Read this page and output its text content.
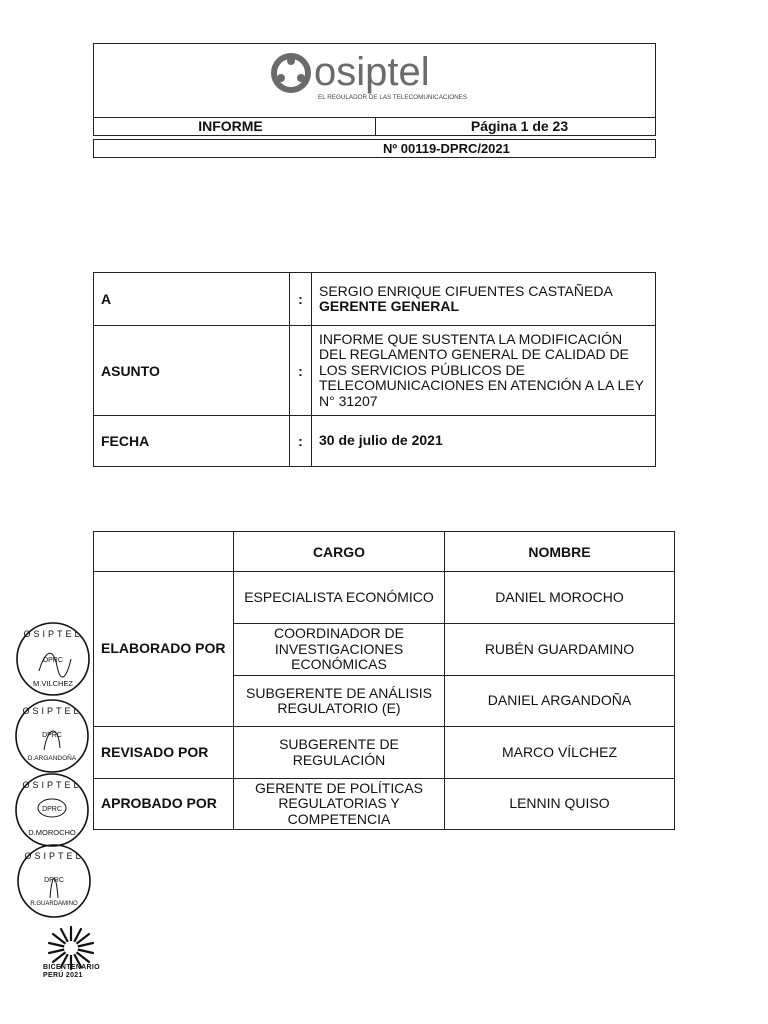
osiptel
EL REGULADOR DE LAS TELECOMUNICACIONES
INFORME	Página 1 de 23
Nº 00119-DPRC/2021
A	:	SERGIO ENRIQUE CIFUENTES CASTAÑEDA
GERENTE GENERAL

ASUNTO	:	INFORME QUE SUSTENTA LA MODIFICACIÓN
DEL REGLAMENTO GENERAL DE CALIDAD DE
LOS SERVICIOS PÚBLICOS DE
TELECOMUNICACIONES EN ATENCIÓN A LA LEY
N° 31207

FECHA	:	30 de julio de 2021
	CARGO	NOMBRE
ELABORADO POR	ESPECIALISTA ECONÓMICO	DANIEL MOROCHO

	COORDINADOR DE
INVESTIGACIONES
ECONÓMICAS	RUBÉN GUARDAMINO

	SUBGERENTE DE ANÁLISIS
REGULATORIO (E)	DANIEL ARGANDOÑA
REVISADO POR	SUBGERENTE DE
REGULACIÓN	MARCO VÍLCHEZ
APROBADO POR	GERENTE DE POLÍTICAS
REGULATORIAS Y
COMPETENCIA	LENNIN QUISO
OSIPTEL
DPRC
M.VILCHEZ
OSIPTEL
DPRC
D.ARGANDOÑA
OSIPTEL
DPRC
D.MOROCHO
OSIPTEL
DPRC
R.GUARDAMINO
BICENTENARIO
PERÚ 2021
